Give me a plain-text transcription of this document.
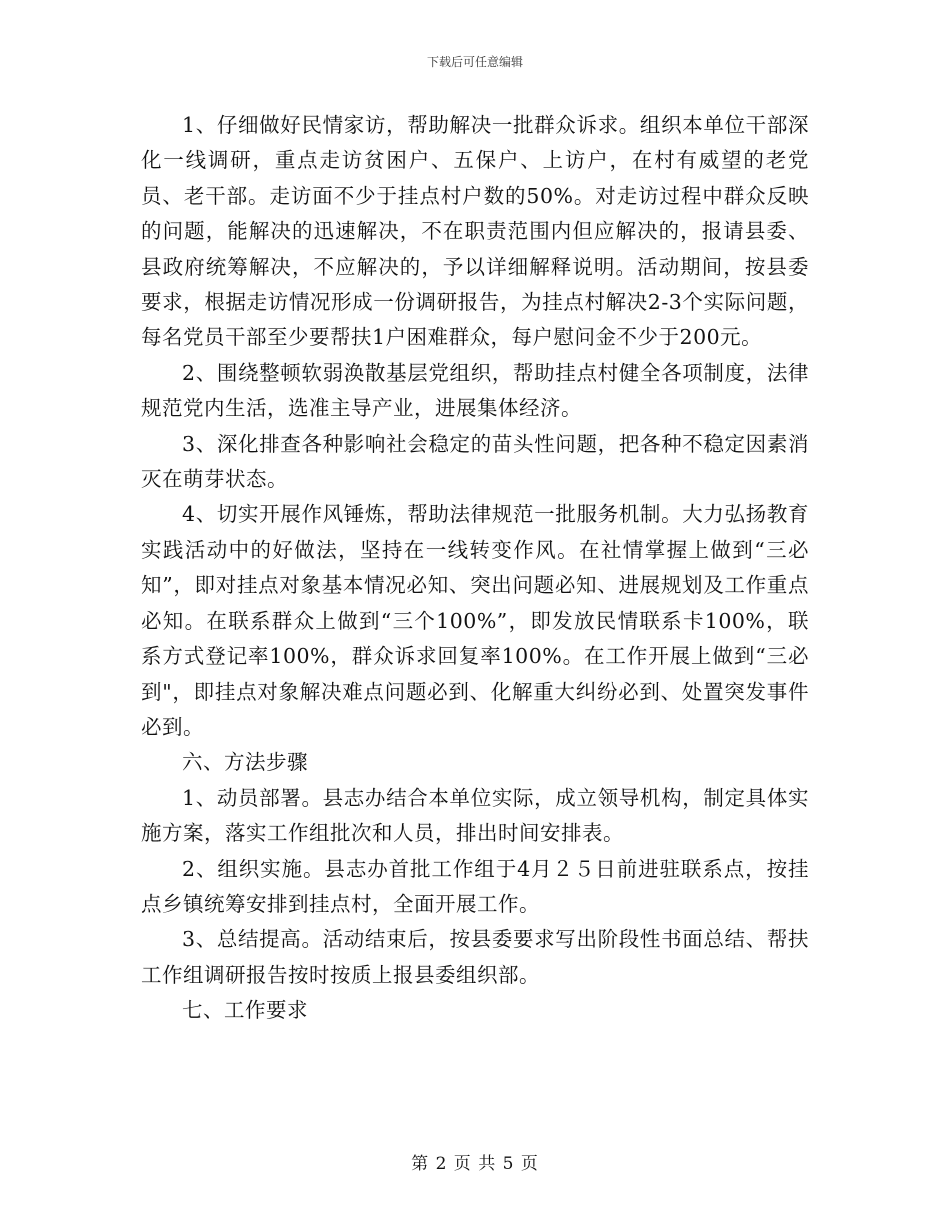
下载后可任意编辑

1、仔细做好民情家访，帮助解决一批群众诉求。组织本单位干部深化一线调研，重点走访贫困户、五保户、上访户，在村有威望的老党员、老干部。走访面不少于挂点村户数的50%。对走访过程中群众反映的问题，能解决的迅速解决，不在职责范围内但应解决的，报请县委、县政府统筹解决，不应解决的，予以详细解释说明。活动期间，按县委要求，根据走访情况形成一份调研报告，为挂点村解决2-3个实际问题，每名党员干部至少要帮扶1户困难群众，每户慰问金不少于200元。

2、围绕整顿软弱涣散基层党组织，帮助挂点村健全各项制度，法律规范党内生活，选准主导产业，进展集体经济。

3、深化排查各种影响社会稳定的苗头性问题，把各种不稳定因素消灭在萌芽状态。

4、切实开展作风锤炼，帮助法律规范一批服务机制。大力弘扬教育实践活动中的好做法，坚持在一线转变作风。在社情掌握上做到“三必知”，即对挂点对象基本情况必知、突出问题必知、进展规划及工作重点必知。在联系群众上做到“三个100%”，即发放民情联系卡100%，联系方式登记率100%，群众诉求回复率100%。在工作开展上做到“三必到"，即挂点对象解决难点问题必到、化解重大纠纷必到、处置突发事件必到。

六、方法步骤

1、动员部署。县志办结合本单位实际，成立领导机构，制定具体实施方案，落实工作组批次和人员，排出时间安排表。

2、组织实施。县志办首批工作组于4月２５日前进驻联系点，按挂点乡镇统筹安排到挂点村，全面开展工作。

3、总结提高。活动结束后，按县委要求写出阶段性书面总结、帮扶工作组调研报告按时按质上报县委组织部。

七、工作要求

第 2 页 共 5 页
